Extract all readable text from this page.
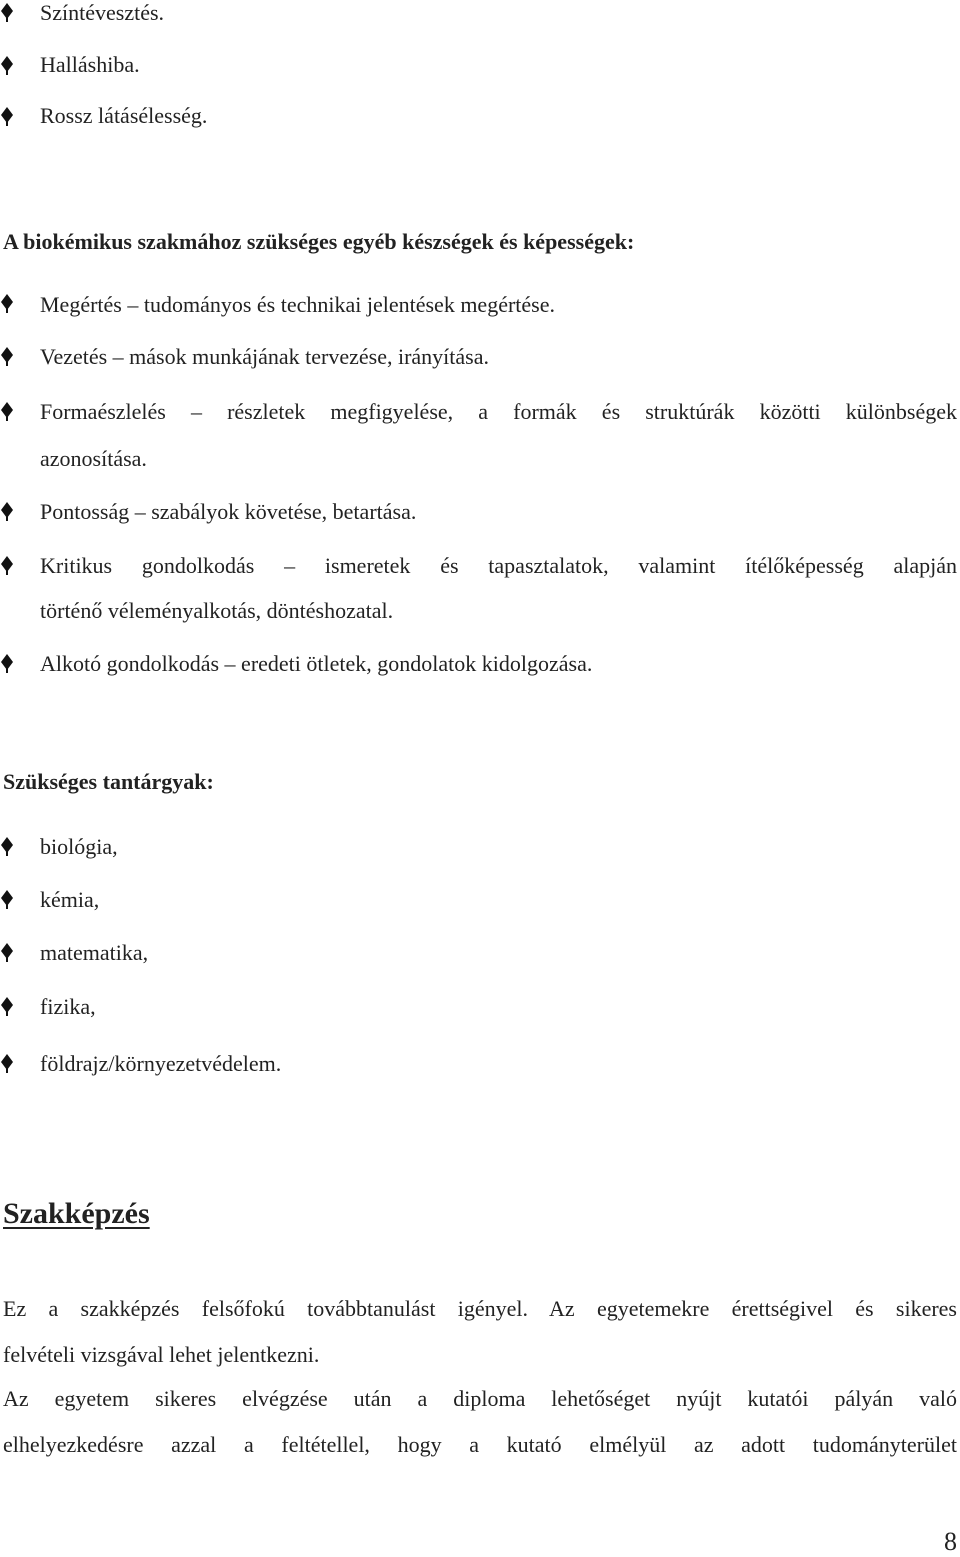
Színtévesztés.
Halláshiba.
Rossz látásélesség.
A biokémikus szakmához szükséges egyéb készségek és képességek:
Megértés – tudományos és technikai jelentések megértése.
Vezetés – mások munkájának tervezése, irányítása.
Formaészlelés – részletek megfigyelése, a formák és struktúrák közötti különbségek
azonosítása.
Pontosság – szabályok követése, betartása.
Kritikus gondolkodás – ismeretek és tapasztalatok, valamint ítélőképesség alapján
történő véleményalkotás, döntéshozatal.
Alkotó gondolkodás – eredeti ötletek, gondolatok kidolgozása.
Szükséges tantárgyak:
biológia,
kémia,
matematika,
fizika,
földrajz/környezetvédelem.
Szakképzés
Ez a szakképzés felsőfokú továbbtanulást igényel. Az egyetemekre érettségivel és sikeres
felvételi vizsgával lehet jelentkezni.
Az egyetem sikeres elvégzése után a diploma lehetőséget nyújt kutatói pályán való
elhelyezkedésre azzal a feltétellel, hogy a kutató elmélyül az adott tudományterület
8
